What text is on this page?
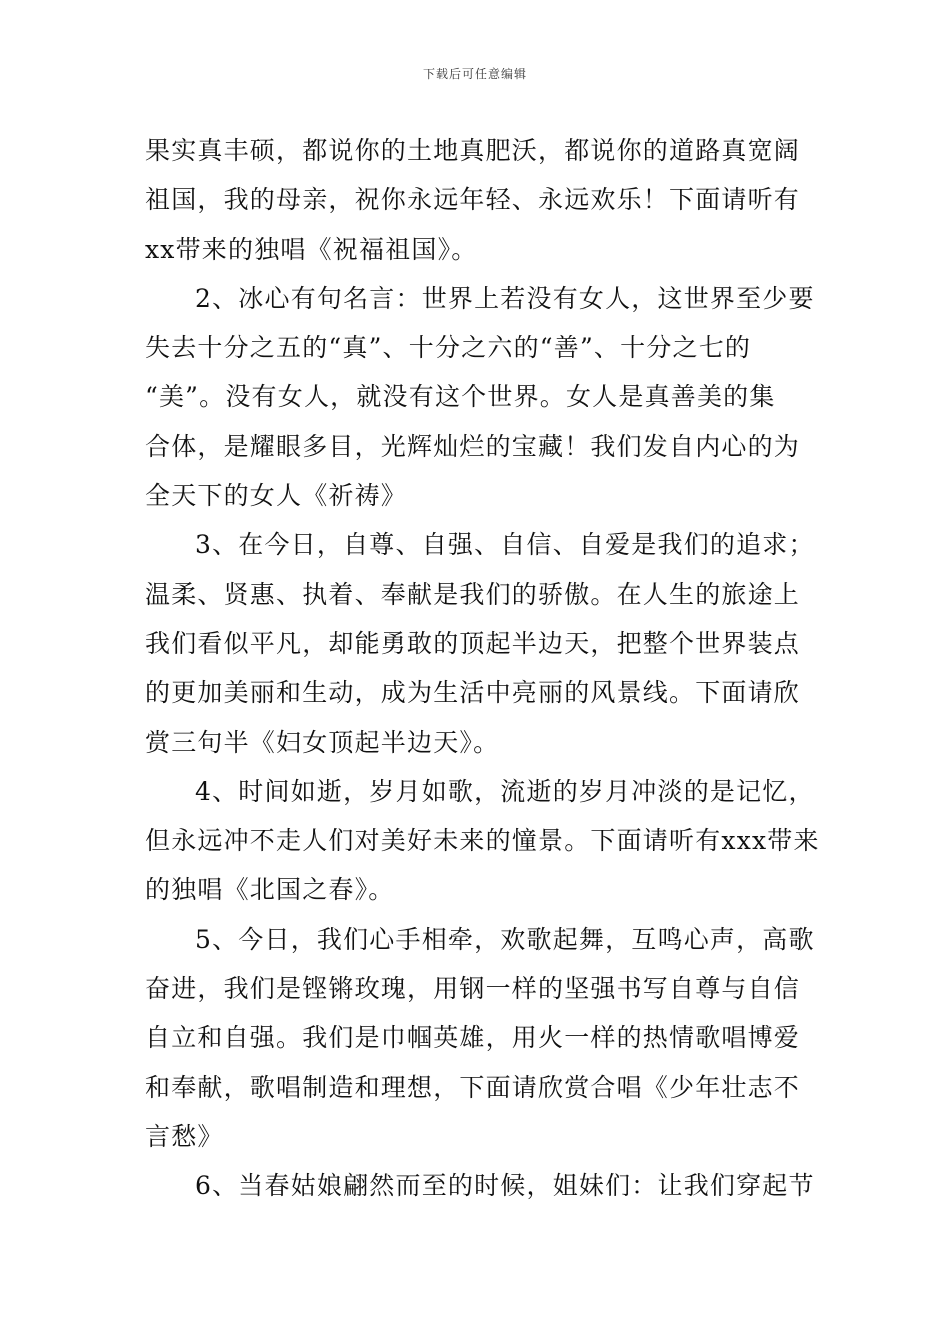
下载后可任意编辑
果实真丰硕，都说你的土地真肥沃，都说你的道路真宽阔
祖国，我的母亲，祝你永远年轻、永远欢乐！下面请听有
xx带来的独唱《祝福祖国》。
2、冰心有句名言：世界上若没有女人，这世界至少要
失去十分之五的“真”、十分之六的“善”、十分之七的
“美”。没有女人，就没有这个世界。女人是真善美的集
合体，是耀眼多目，光辉灿烂的宝藏！我们发自内心的为
全天下的女人《祈祷》
3、在今日，自尊、自强、自信、自爱是我们的追求；
温柔、贤惠、执着、奉献是我们的骄傲。在人生的旅途上
我们看似平凡，却能勇敢的顶起半边天，把整个世界装点
的更加美丽和生动，成为生活中亮丽的风景线。下面请欣
赏三句半《妇女顶起半边天》。
4、时间如逝，岁月如歌，流逝的岁月冲淡的是记忆，
但永远冲不走人们对美好未来的憧景。下面请听有xxx带来
的独唱《北国之春》。
5、今日，我们心手相牵，欢歌起舞，互鸣心声，高歌
奋进，我们是铿锵玫瑰，用钢一样的坚强书写自尊与自信
自立和自强。我们是巾帼英雄，用火一样的热情歌唱博爱
和奉献，歌唱制造和理想，下面请欣赏合唱《少年壮志不
言愁》
6、当春姑娘翩然而至的时候，姐妹们：让我们穿起节
